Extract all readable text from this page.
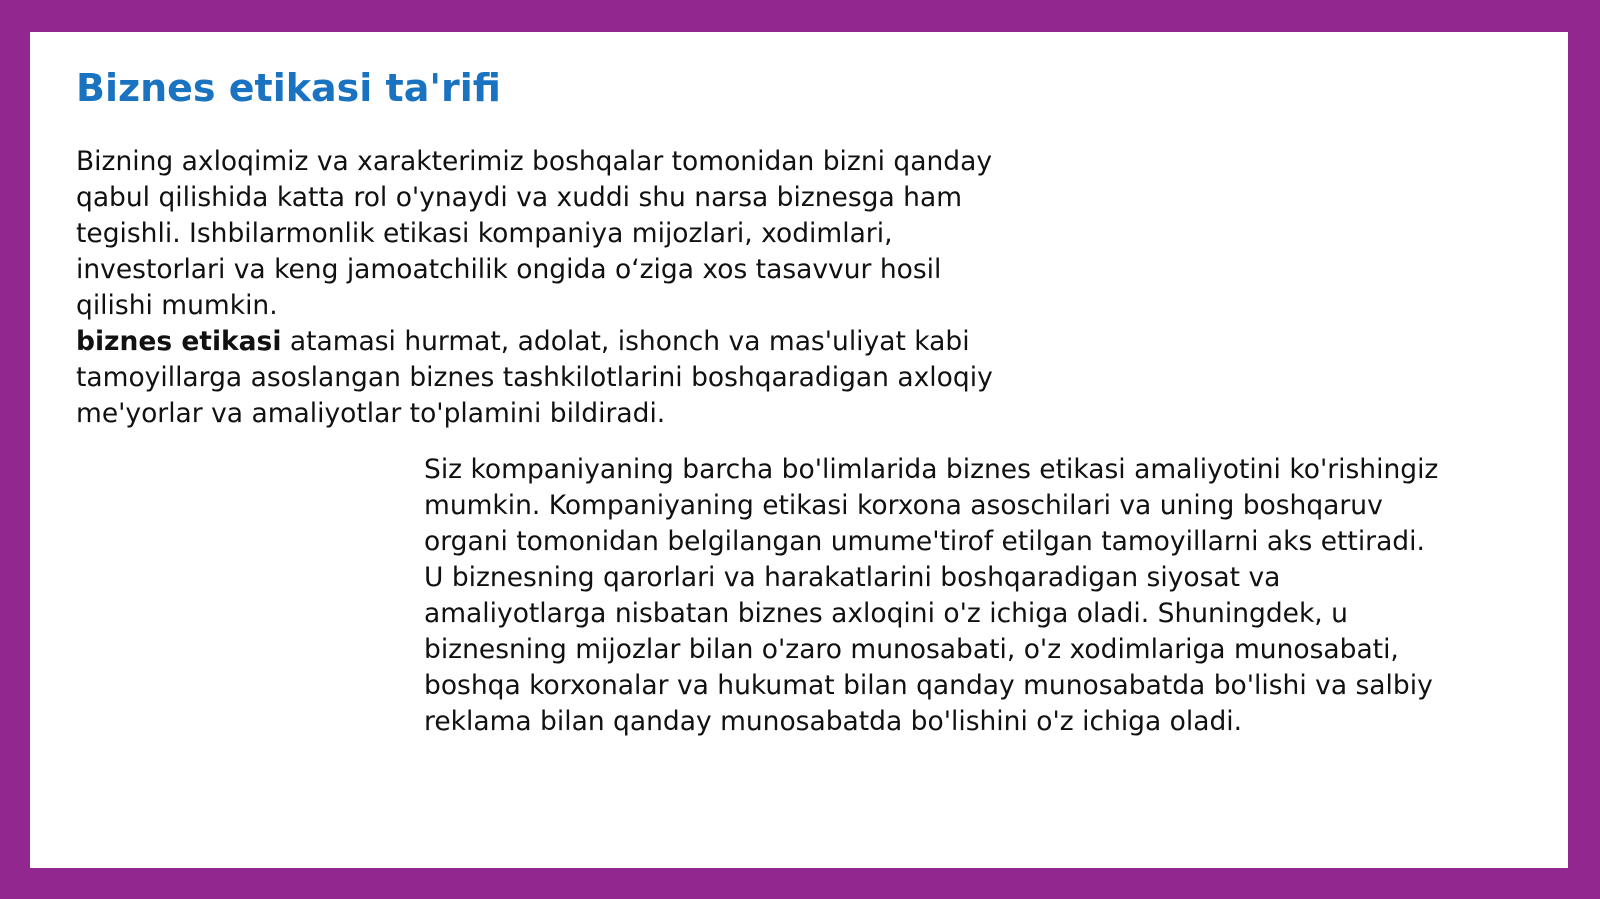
Biznes etikasi ta'rifi
Bizning axloqimiz va xarakterimiz boshqalar tomonidan bizni qanday
qabul qilishida katta rol o'ynaydi va xuddi shu narsa biznesga ham
tegishli. Ishbilarmonlik etikasi kompaniya mijozlari, xodimlari,
investorlari va keng jamoatchilik ongida o‘ziga xos tasavvur hosil
qilishi mumkin.
biznes etikasi atamasi hurmat, adolat, ishonch va mas'uliyat kabi
tamoyillarga asoslangan biznes tashkilotlarini boshqaradigan axloqiy
me'yorlar va amaliyotlar to'plamini bildiradi.
Siz kompaniyaning barcha bo'limlarida biznes etikasi amaliyotini ko'rishingiz
mumkin. Kompaniyaning etikasi korxona asoschilari va uning boshqaruv
organi tomonidan belgilangan umume'tirof etilgan tamoyillarni aks ettiradi.
U biznesning qarorlari va harakatlarini boshqaradigan siyosat va
amaliyotlarga nisbatan biznes axloqini o'z ichiga oladi. Shuningdek, u
biznesning mijozlar bilan o'zaro munosabati, o'z xodimlariga munosabati,
boshqa korxonalar va hukumat bilan qanday munosabatda bo'lishi va salbiy
reklama bilan qanday munosabatda bo'lishini o'z ichiga oladi.
